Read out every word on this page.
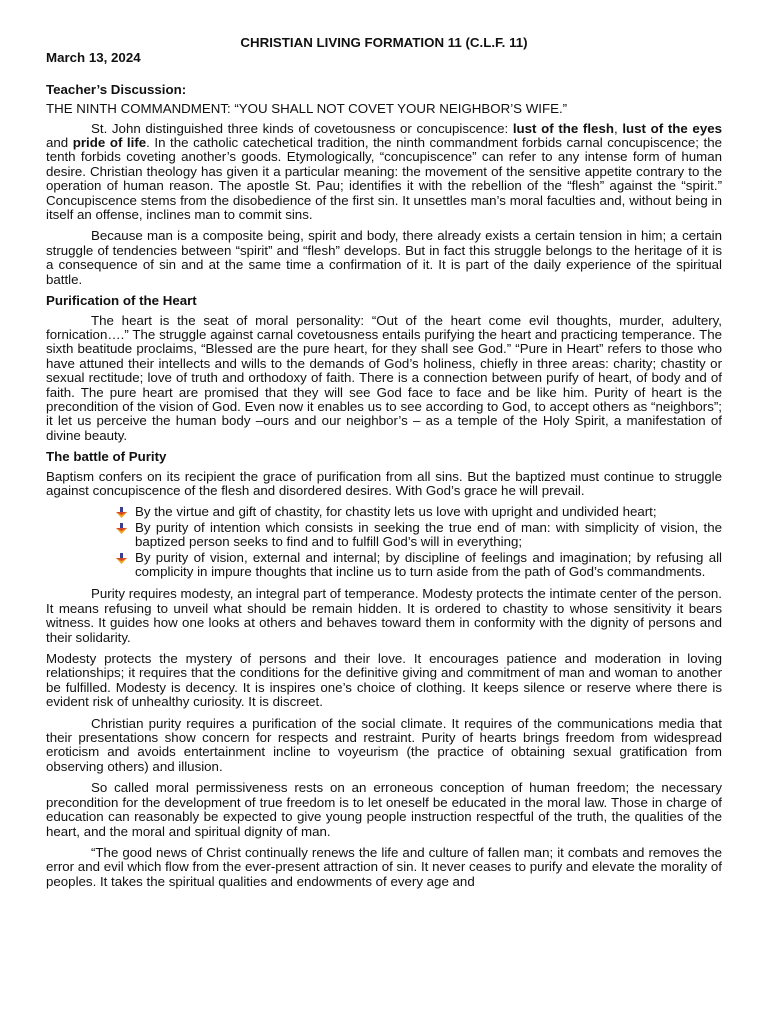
CHRISTIAN LIVING FORMATION 11 (C.L.F. 11)
March 13, 2024
Teacher’s Discussion:
THE NINTH COMMANDMENT: “YOU SHALL NOT COVET YOUR NEIGHBOR’S WIFE.”

St. John distinguished three kinds of covetousness or concupiscence: lust of the flesh, lust of the eyes and pride of life. In the catholic catechetical tradition, the ninth commandment forbids carnal concupiscence; the tenth forbids coveting another’s goods. Etymologically, “concupiscence” can refer to any intense form of human desire. Christian theology has given it a particular meaning: the movement of the sensitive appetite contrary to the operation of human reason. The apostle St. Pau; identifies it with the rebellion of the “flesh” against the “spirit.” Concupiscence stems from the disobedience of the first sin. It unsettles man’s moral faculties and, without being in itself an offense, inclines man to commit sins.

Because man is a composite being, spirit and body, there already exists a certain tension in him; a certain struggle of tendencies between “spirit” and “flesh” develops. But in fact this struggle belongs to the heritage of it is a consequence of sin and at the same time a confirmation of it. It is part of the daily experience of the spiritual battle.

Purification of the Heart

The heart is the seat of moral personality: “Out of the heart come evil thoughts, murder, adultery, fornication….” The struggle against carnal covetousness entails purifying the heart and practicing temperance. The sixth beatitude proclaims, “Blessed are the pure heart, for they shall see God.” “Pure in Heart” refers to those who have attuned their intellects and wills to the demands of God’s holiness, chiefly in three areas: charity; chastity or sexual rectitude; love of truth and orthodoxy of faith. There is a connection between purify of heart, of body and of faith. The pure heart are promised that they will see God face to face and be like him. Purity of heart is the precondition of the vision of God. Even now it enables us to see according to God, to accept others as “neighbors”; it let us perceive the human body –ours and our neighbor’s – as a temple of the Holy Spirit, a manifestation of divine beauty.

The battle of Purity

Baptism confers on its recipient the grace of purification from all sins. But the baptized must continue to struggle against concupiscence of the flesh and disordered desires. With God’s grace he will prevail.

By the virtue and gift of chastity, for chastity lets us love with upright and undivided heart;
By purity of intention which consists in seeking the true end of man: with simplicity of vision, the baptized person seeks to find and to fulfill God’s will in everything;
By purity of vision, external and internal; by discipline of feelings and imagination; by refusing all complicity in impure thoughts that incline us to turn aside from the path of God’s commandments.

Purity requires modesty, an integral part of temperance. Modesty protects the intimate center of the person. It means refusing to unveil what should be remain hidden. It is ordered to chastity to whose sensitivity it bears witness. It guides how one looks at others and behaves toward them in conformity with the dignity of persons and their solidarity.

Modesty protects the mystery of persons and their love. It encourages patience and moderation in loving relationships; it requires that the conditions for the definitive giving and commitment of man and woman to another be fulfilled. Modesty is decency. It is inspires one’s choice of clothing. It keeps silence or reserve where there is evident risk of unhealthy curiosity. It is discreet.

Christian purity requires a purification of the social climate. It requires of the communications media that their presentations show concern for respects and restraint. Purity of hearts brings freedom from widespread eroticism and avoids entertainment incline to voyeurism (the practice of obtaining sexual gratification from observing others) and illusion.

So called moral permissiveness rests on an erroneous conception of human freedom; the necessary precondition for the development of true freedom is to let oneself be educated in the moral law. Those in charge of education can reasonably be expected to give young people instruction respectful of the truth, the qualities of the heart, and the moral and spiritual dignity of man.

“The good news of Christ continually renews the life and culture of fallen man; it combats and removes the error and evil which flow from the ever-present attraction of sin. It never ceases to purify and elevate the morality of peoples. It takes the spiritual qualities and endowments of every age and
